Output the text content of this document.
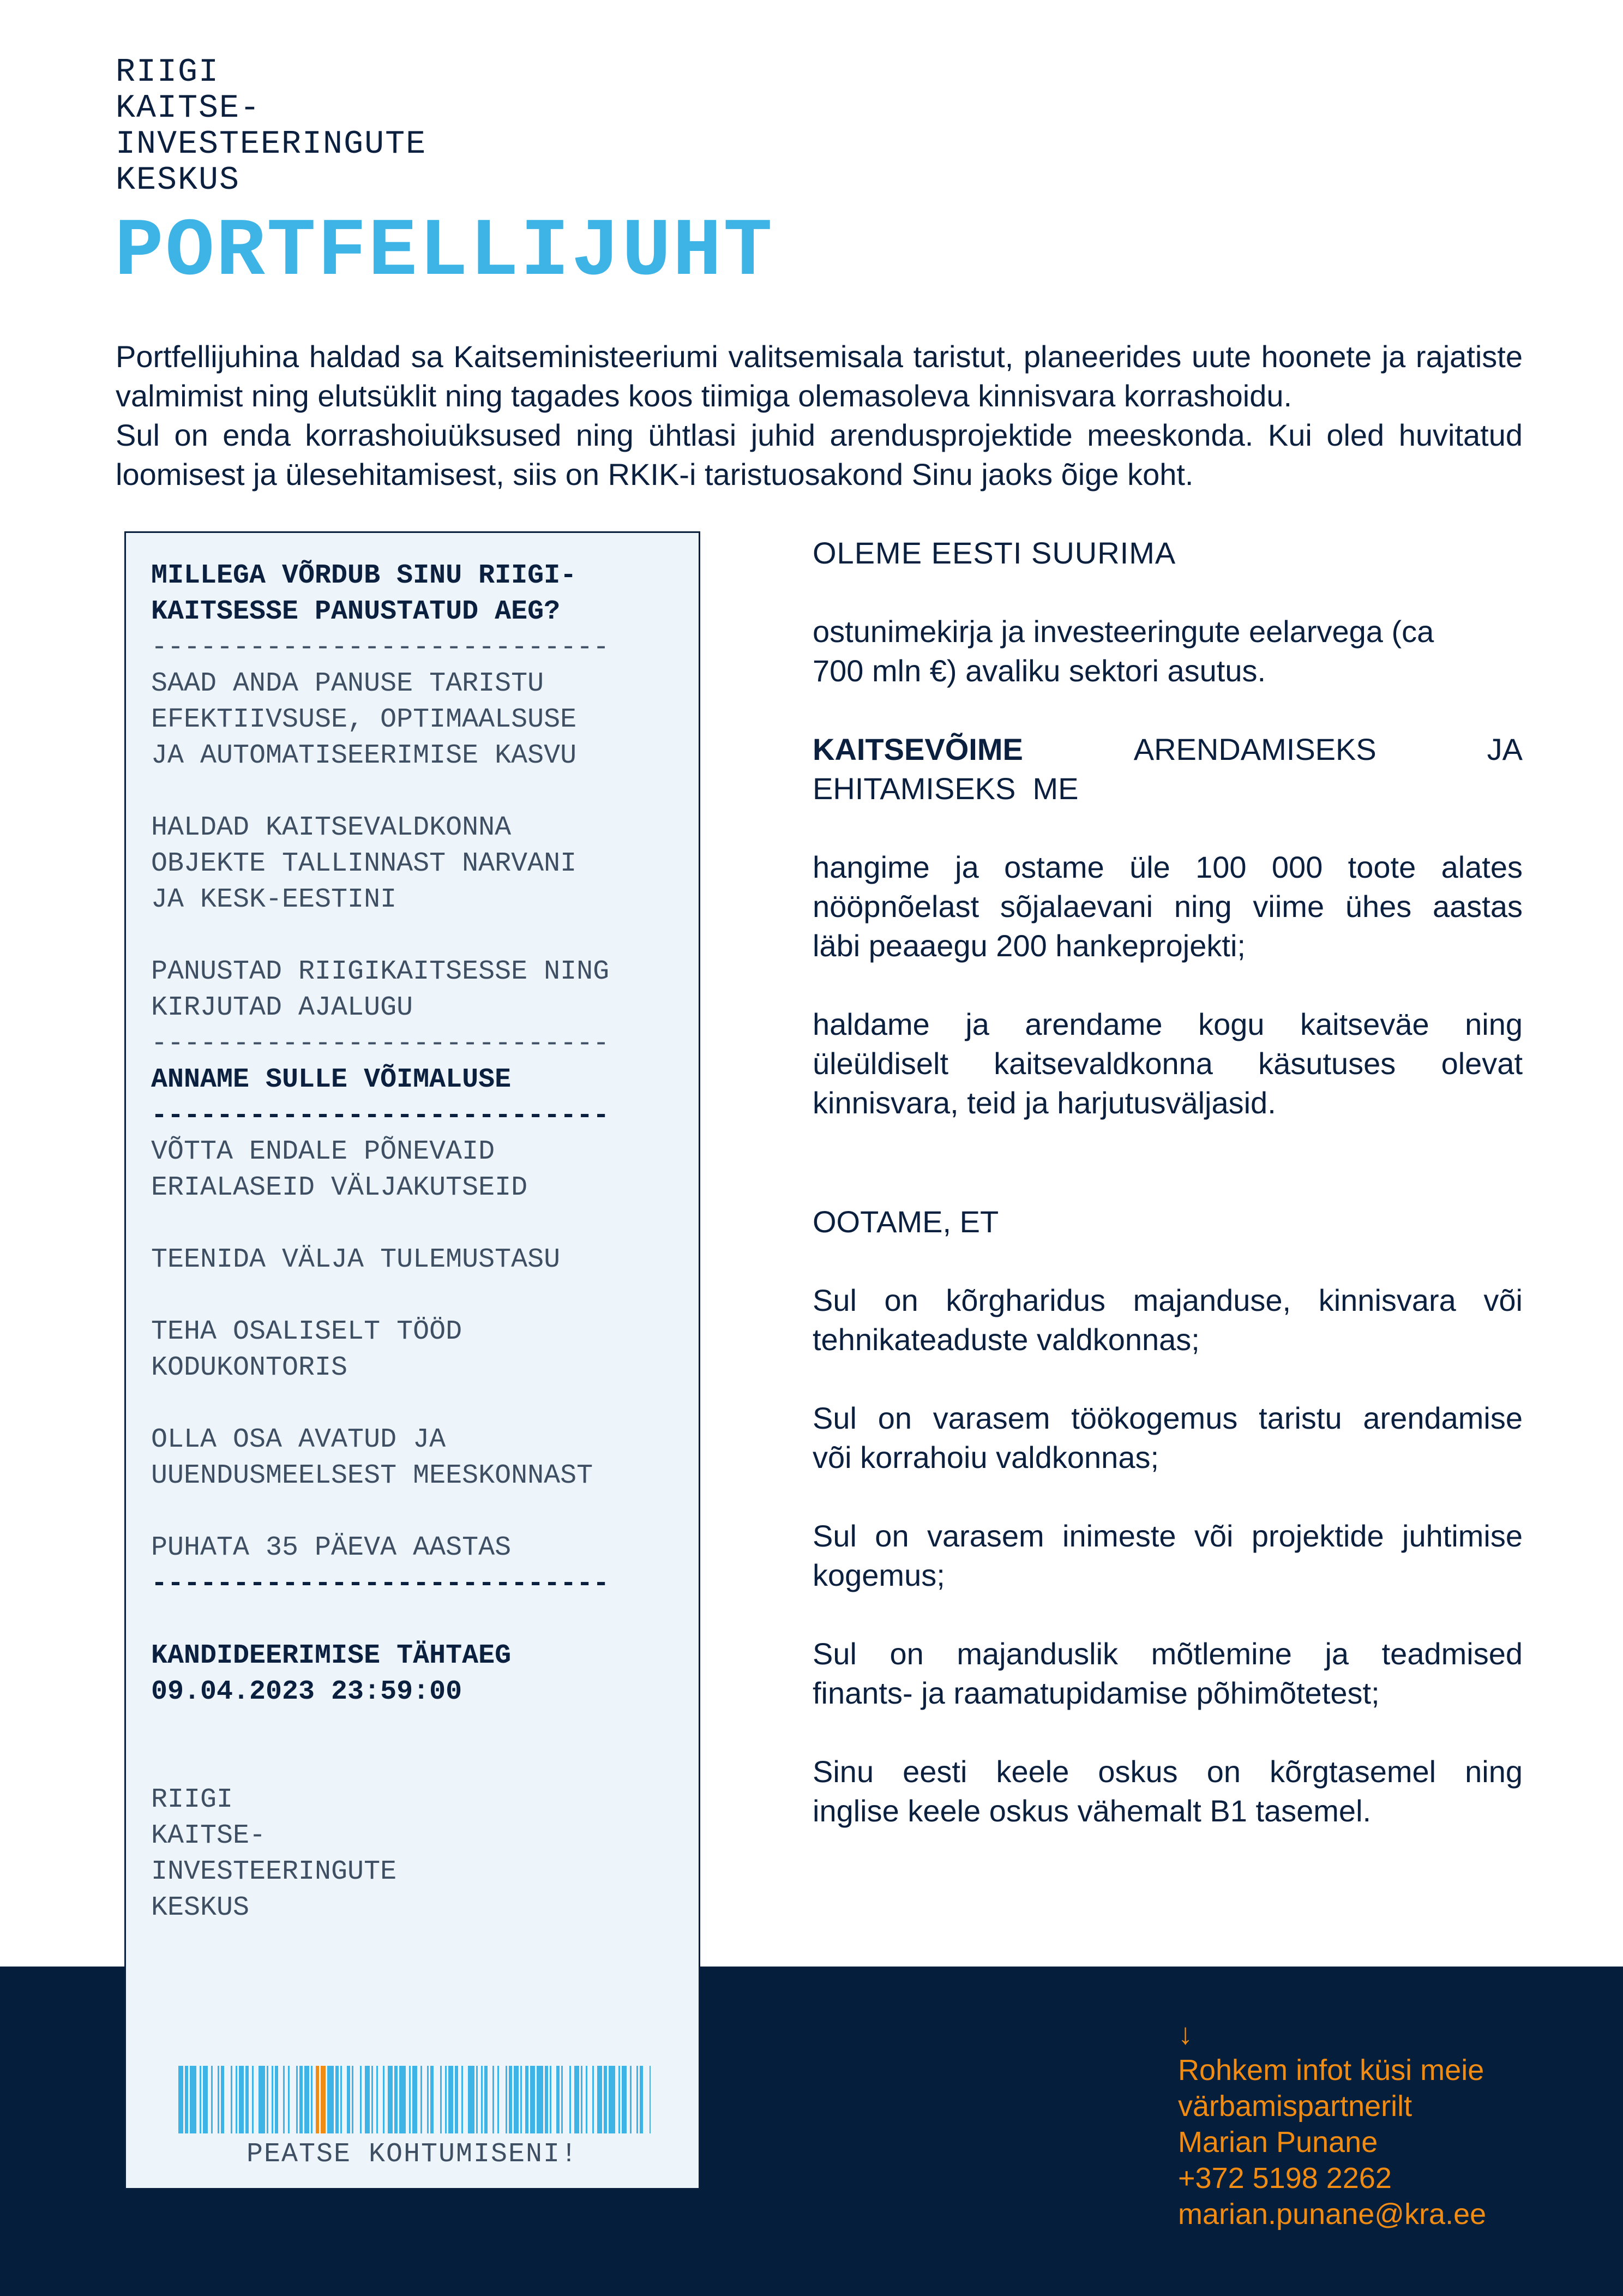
RIIGI
KAITSE-
INVESTEERINGUTE
KESKUS
PORTFELLIJUHT

Portfellijuhina haldad sa Kaitseministeeriumi valitsemisala taristut, planeerides uute hoonete ja rajatiste valmimist ning elutsüklit ning tagades koos tiimiga olemasoleva kinnisvara korrashoidu.

Sul on enda korrashoiuüksused ning ühtlasi juhid arendusprojektide meeskonda. Kui oled huvitatud loomisest ja ülesehitamisest, siis on RKIK-i taristuosakond Sinu jaoks õige koht.

MILLEGA VÕRDUB SINU RIIGI-
KAITSESSE PANUSTATUD AEG?
----------------------------
SAAD ANDA PANUSE TARISTU
EFEKTIIVSUSE, OPTIMAALSUSE
JA AUTOMATISEERIMISE KASVU
HALDAD KAITSEVALDKONNA
OBJEKTE TALLINNAST NARVANI
JA KESK-EESTINI
PANUSTAD RIIGIKAITSESSE NING
KIRJUTAD AJALUGU
----------------------------
ANNAME SULLE VÕIMALUSE
----------------------------
VÕTTA ENDALE PÕNEVAID
ERIALASEID VÄLJAKUTSEID
TEENIDA VÄLJA TULEMUSTASU
TEHA OSALISELT TÖÖD
KODUKONTORIS
OLLA OSA AVATUD JA
UUENDUSMEELSEST MEESKONNAST
PUHATA 35 PÄEVA AASTAS
----------------------------
KANDIDEERIMISE TÄHTAEG
09.04.2023 23:59:00
RIIGI
KAITSE-
INVESTEERINGUTE
KESKUS
PEATSE KOHTUMISENI!
OLEME EESTI SUURIMA
ostunimekirja ja investeeringute eelarvega (ca
700 mln €) avaliku sektori asutus.
KAITSEVÕIME	ARENDAMISEKS	JA
EHITAMISEKS  ME
hangime ja ostame üle 100 000 toote alates
nööpnõelast sõjalaevani ning viime ühes aastas
läbi peaaegu 200 hankeprojekti;
haldame ja arendame kogu kaitseväe ning
üleüldiselt kaitsevaldkonna käsutuses olevat
kinnisvara, teid ja harjutusväljasid.
OOTAME, ET
Sul on kõrgharidus majanduse, kinnisvara või
tehnikateaduste valdkonnas;
Sul on varasem töökogemus taristu arendamise
või korrahoiu valdkonnas;
Sul on varasem inimeste või projektide juhtimise
kogemus;
Sul on majanduslik mõtlemine ja teadmised
finants- ja raamatupidamise põhimõtetest;
Sinu eesti keele oskus on kõrgtasemel ning
inglise keele oskus vähemalt B1 tasemel.
↓
Rohkem infot küsi meie
värbamispartnerilt
Marian Punane
+372 5198 2262
marian.punane@kra.ee
